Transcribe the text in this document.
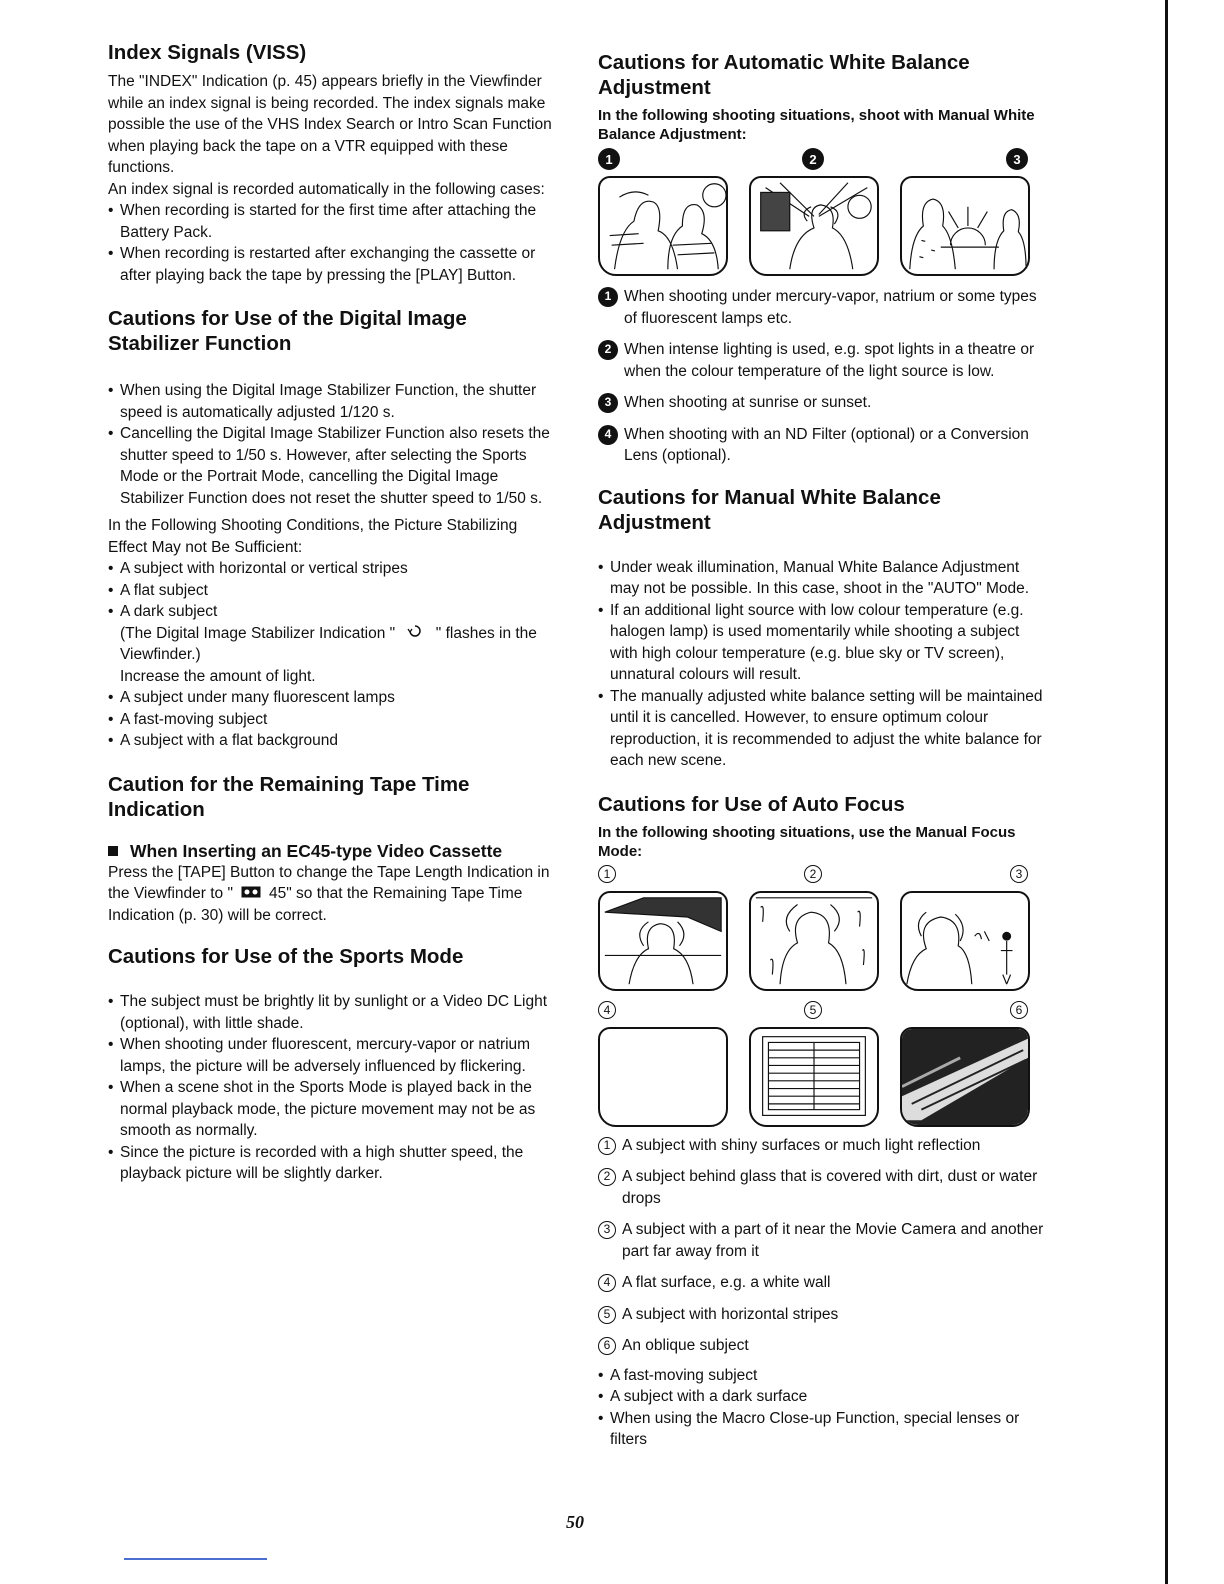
Index Signals (VISS)

The "INDEX" Indication (p. 45) appears briefly in the Viewfinder while an index signal is being recorded. The index signals make possible the use of the VHS Index Search or Intro Scan Function when playing back the tape on a VTR equipped with these functions.

An index signal is recorded automatically in the following cases:

• When recording is started for the first time after attaching the Battery Pack.
• When recording is restarted after exchanging the cassette or after playing back the tape by pressing the [PLAY] Button.
Cautions for Use of the Digital Image Stabilizer Function
• When using the Digital Image Stabilizer Function, the shutter speed is automatically adjusted 1/120 s.
• Cancelling the Digital Image Stabilizer Function also resets the shutter speed to 1/50 s. However, after selecting the Sports Mode or the Portrait Mode, cancelling the Digital Image Stabilizer Function does not reset the shutter speed to 1/50 s.

In the Following Shooting Conditions, the Picture Stabilizing Effect May not Be Sufficient:

• A subject with horizontal or vertical stripes
• A flat subject
• A dark subject
(The Digital Image Stabilizer Indication "	" flashes in the Viewfinder.)
Increase the amount of light.
• A subject under many fluorescent lamps
• A fast-moving subject
• A subject with a flat background
Caution for the Remaining Tape Time Indication
When Inserting an EC45-type Video Cassette

Press the [TAPE] Button to change the Tape Length Indication in the Viewfinder to " 45" so that the Remaining Tape Time Indication (p. 30) will be correct.

Cautions for Use of the Sports Mode
• The subject must be brightly lit by sunlight or a Video DC Light (optional), with little shade.
• When shooting under fluorescent, mercury-vapor or natrium lamps, the picture will be adversely influenced by flickering.
• When a scene shot in the Sports Mode is played back in the normal playback mode, the picture movement may not be as smooth as normally.
• Since the picture is recorded with a high shutter speed, the playback picture will be slightly darker.
Cautions for Automatic White Balance Adjustment
In the following shooting situations, shoot with Manual White Balance Adjustment:
1	2	3
1 When shooting under mercury-vapor, natrium or some types of fluorescent lamps etc.
2 When intense lighting is used, e.g. spot lights in a theatre or when the colour temperature of the light source is low.
3 When shooting at sunrise or sunset.
4 When shooting with an ND Filter (optional) or a Conversion Lens (optional).
Cautions for Manual White Balance Adjustment
• Under weak illumination, Manual White Balance Adjustment may not be possible. In this case, shoot in the "AUTO" Mode.
• If an additional light source with low colour temperature (e.g. halogen lamp) is used momentarily while shooting a subject with high colour temperature (e.g. blue sky or TV screen), unnatural colours will result.
• The manually adjusted white balance setting will be maintained until it is cancelled. However, to ensure optimum colour reproduction, it is recommended to adjust the white balance for each new scene.
Cautions for Use of Auto Focus
In the following shooting situations, use the Manual Focus Mode:
1	2	3
4	5	6
1 A subject with shiny surfaces or much light reflection
2 A subject behind glass that is covered with dirt, dust or water drops
3 A subject with a part of it near the Movie Camera and another part far away from it
4 A flat surface, e.g. a white wall
5 A subject with horizontal stripes
6 An oblique subject
• A fast-moving subject
• A subject with a dark surface
• When using the Macro Close-up Function, special lenses or filters
50
